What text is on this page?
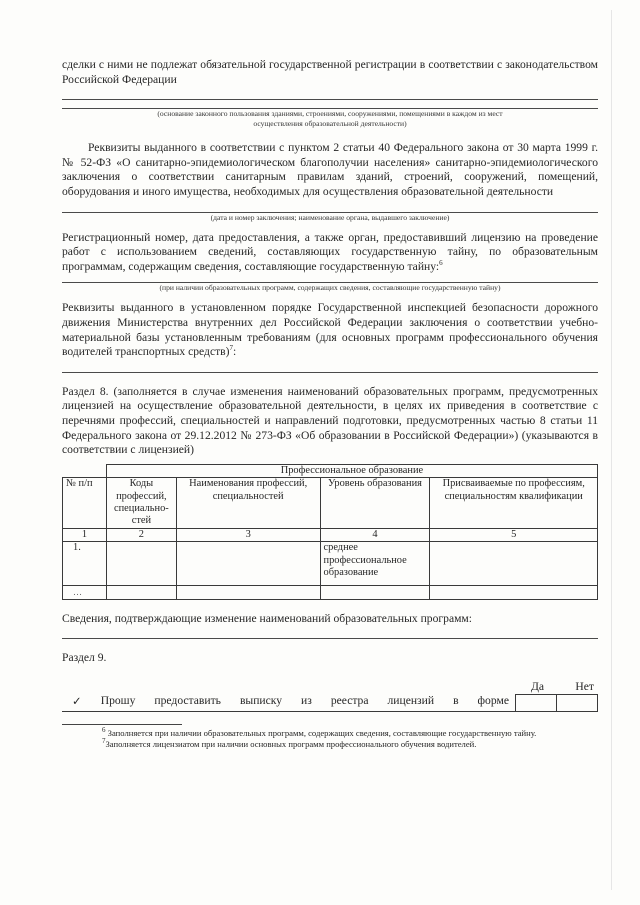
сделки с ними не подлежат обязательной государственной регистрации в соответствии с законодательством Российской Федерации

(основание законного пользования зданиями, строениями, сооружениями, помещениями в каждом из мест
осуществления образовательной деятельности)

Реквизиты выданного в соответствии с пунктом 2 статьи 40 Федерального закона от 30 марта 1999 г. № 52-ФЗ «О санитарно-эпидемиологическом благополучии населения» санитарно-эпидемиологического заключения о соответствии санитарным правилам зданий, строений, сооружений, помещений, оборудования и иного имущества, необходимых для осуществления образовательной деятельности

(дата и номер заключения; наименование органа, выдавшего заключение)

Регистрационный номер, дата предоставления, а также орган, предоставивший лицензию на проведение работ с использованием сведений, составляющих государственную тайну, по образовательным программам, содержащим сведения, составляющие государственную тайну:$^6$

(при наличии образовательных программ, содержащих сведения, составляющие государственную тайну)

Реквизиты выданного в установленном порядке Государственной инспекцией безопасности дорожного движения Министерства внутренних дел Российской Федерации заключения о соответствии учебно-материальной базы установленным требованиям (для основных программ профессионального обучения водителей транспортных средств)$^7$:

Раздел 8. (заполняется в случае изменения наименований образовательных программ, предусмотренных лицензией на осуществление образовательной деятельности, в целях их приведения в соответствие с перечнями профессий, специальностей и направлений подготовки, предусмотренных частью 8 статьи 11 Федерального закона от 29.12.2012 № 273-ФЗ «Об образовании в Российской Федерации») (указываются в соответствии с лицензией)

	Профессиональное образование			
№ п/п	Коды профессий, специально-стей	Наименования профессий, специальностей	Уровень образования	Присваиваемые по профессиям, специальностям квалификации
1	2	3	4	5
1.			среднее профессиональное образование	
…				

Сведения, подтверждающие изменение наименований образовательных программ:

Раздел 9.
Да	Нет
✓ Прошу предоставить выписку из реестра лицензий в форме
$^6$ Заполняется при наличии образовательных программ, содержащих сведения, составляющие государственную тайну.
$^7$Заполняется лицензиатом при наличии основных программ профессионального обучения водителей.
